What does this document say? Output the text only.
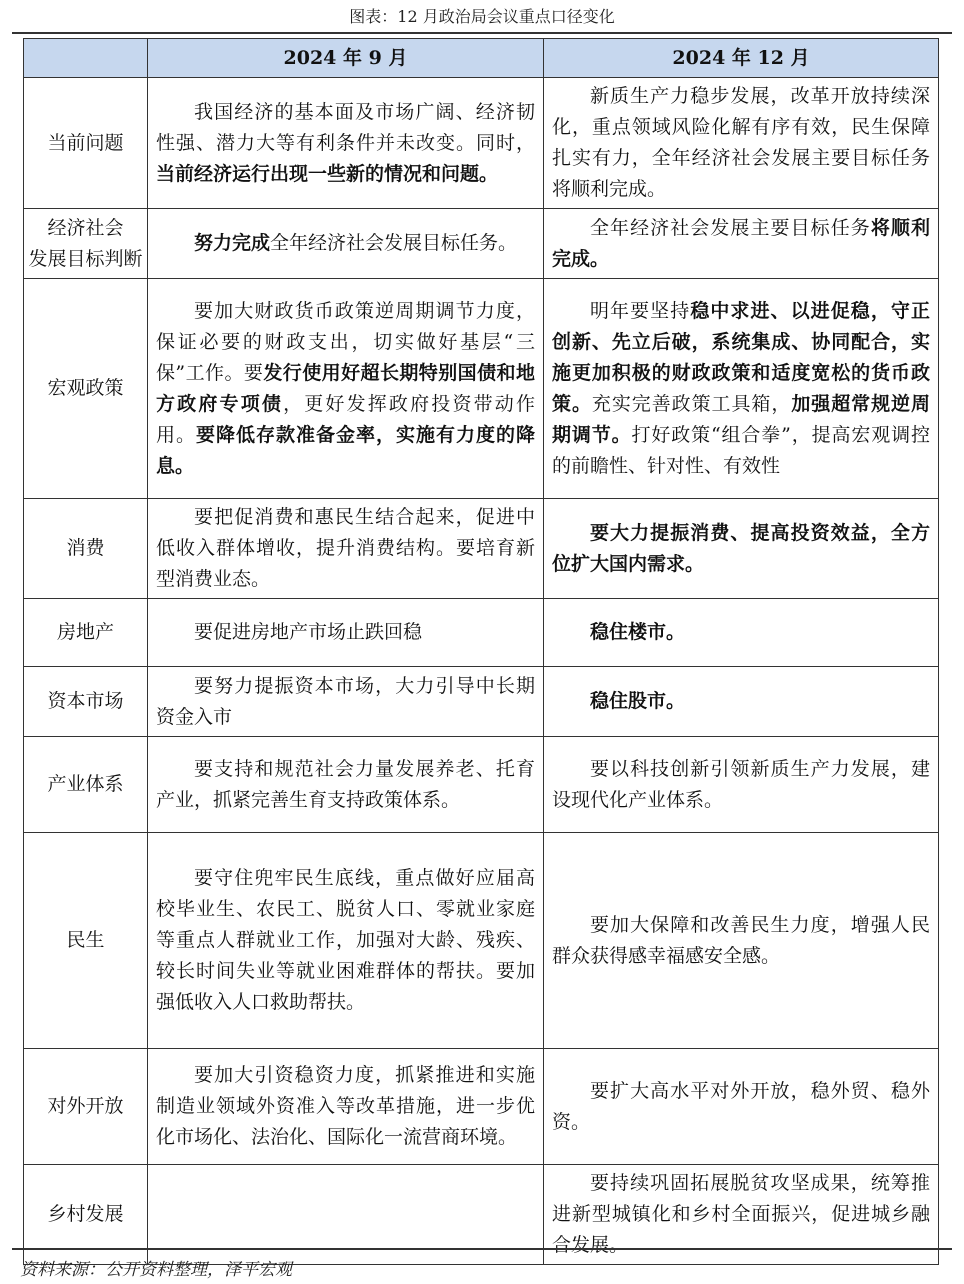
图表：12 月政治局会议重点口径变化
	2024 年 9 月	2024 年 12 月
当前问题	我国经济的基本面及市场广阔、经济韧性强、潜力大等有利条件并未改变。同时，当前经济运行出现一些新的情况和问题。	新质生产力稳步发展，改革开放持续深化，重点领域风险化解有序有效，民生保障扎实有力，全年经济社会发展主要目标任务将顺利完成。
经济社会
发展目标判断	努力完成全年经济社会发展目标任务。	全年经济社会发展主要目标任务将顺利完成。
宏观政策	要加大财政货币政策逆周期调节力度，保证必要的财政支出，切实做好基层“三保”工作。要发行使用好超长期特别国债和地方政府专项债，更好发挥政府投资带动作用。要降低存款准备金率，实施有力度的降息。	明年要坚持稳中求进、以进促稳，守正创新、先立后破，系统集成、协同配合，实施更加积极的财政政策和适度宽松的货币政策。充实完善政策工具箱，加强超常规逆周期调节。打好政策“组合拳”，提高宏观调控的前瞻性、针对性、有效性
消费	要把促消费和惠民生结合起来，促进中低收入群体增收，提升消费结构。要培育新型消费业态。	要大力提振消费、提高投资效益，全方位扩大国内需求。
房地产	要促进房地产市场止跌回稳	稳住楼市。
资本市场	要努力提振资本市场，大力引导中长期资金入市	稳住股市。
产业体系	要支持和规范社会力量发展养老、托育产业，抓紧完善生育支持政策体系。	要以科技创新引领新质生产力发展，建设现代化产业体系。
民生	要守住兜牢民生底线，重点做好应届高校毕业生、农民工、脱贫人口、零就业家庭等重点人群就业工作，加强对大龄、残疾、较长时间失业等就业困难群体的帮扶。要加强低收入人口救助帮扶。	要加大保障和改善民生力度，增强人民群众获得感幸福感安全感。
对外开放	要加大引资稳资力度，抓紧推进和实施制造业领域外资准入等改革措施，进一步优化市场化、法治化、国际化一流营商环境。	要扩大高水平对外开放，稳外贸、稳外资。
乡村发展		要持续巩固拓展脱贫攻坚成果，统筹推进新型城镇化和乡村全面振兴，促进城乡融合发展。
资料来源：公开资料整理，泽平宏观
